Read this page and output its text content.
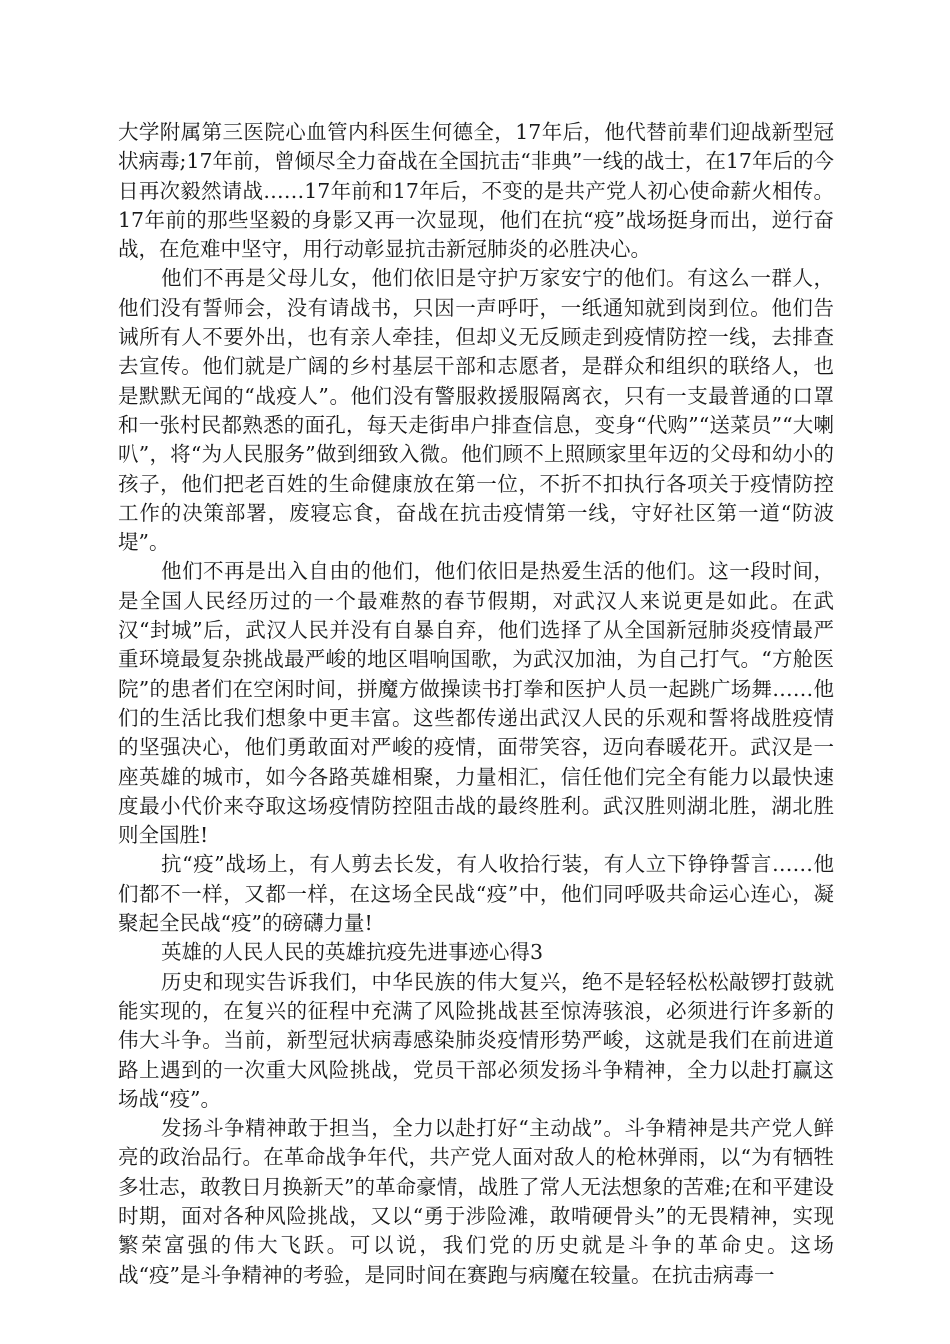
大学附属第三医院心血管内科医生何德全，17年后，他代替前辈们迎战新型冠状病毒;17年前，曾倾尽全力奋战在全国抗击“非典”一线的战士，在17年后的今日再次毅然请战……17年前和17年后，不变的是共产党人初心使命薪火相传。17年前的那些坚毅的身影又再一次显现，他们在抗“疫”战场挺身而出，逆行奋战，在危难中坚守，用行动彰显抗击新冠肺炎的必胜决心。

他们不再是父母儿女，他们依旧是守护万家安宁的他们。有这么一群人，他们没有誓师会，没有请战书，只因一声呼吁，一纸通知就到岗到位。他们告诫所有人不要外出，也有亲人牵挂，但却义无反顾走到疫情防控一线，去排查去宣传。他们就是广阔的乡村基层干部和志愿者，是群众和组织的联络人，也是默默无闻的“战疫人”。他们没有警服救援服隔离衣，只有一支最普通的口罩和一张村民都熟悉的面孔，每天走街串户排查信息，变身“代购”“送菜员”“大喇叭”，将“为人民服务”做到细致入微。他们顾不上照顾家里年迈的父母和幼小的孩子，他们把老百姓的生命健康放在第一位，不折不扣执行各项关于疫情防控工作的决策部署，废寝忘食，奋战在抗击疫情第一线，守好社区第一道“防波堤”。

他们不再是出入自由的他们，他们依旧是热爱生活的他们。这一段时间，是全国人民经历过的一个最难熬的春节假期，对武汉人来说更是如此。在武汉“封城”后，武汉人民并没有自暴自弃，他们选择了从全国新冠肺炎疫情最严重环境最复杂挑战最严峻的地区唱响国歌，为武汉加油，为自己打气。“方舱医院”的患者们在空闲时间，拼魔方做操读书打拳和医护人员一起跳广场舞……他们的生活比我们想象中更丰富。这些都传递出武汉人民的乐观和誓将战胜疫情的坚强决心，他们勇敢面对严峻的疫情，面带笑容，迈向春暖花开。武汉是一座英雄的城市，如今各路英雄相聚，力量相汇，信任他们完全有能力以最快速度最小代价来夺取这场疫情防控阻击战的最终胜利。武汉胜则湖北胜，湖北胜则全国胜!

抗“疫”战场上，有人剪去长发，有人收拾行装，有人立下铮铮誓言……他们都不一样，又都一样，在这场全民战“疫”中，他们同呼吸共命运心连心，凝聚起全民战“疫”的磅礴力量!

英雄的人民人民的英雄抗疫先进事迹心得3

历史和现实告诉我们，中华民族的伟大复兴，绝不是轻轻松松敲锣打鼓就能实现的，在复兴的征程中充满了风险挑战甚至惊涛骇浪，必须进行许多新的伟大斗争。当前，新型冠状病毒感染肺炎疫情形势严峻，这就是我们在前进道路上遇到的一次重大风险挑战，党员干部必须发扬斗争精神，全力以赴打赢这场战“疫”。

发扬斗争精神敢于担当，全力以赴打好“主动战”。斗争精神是共产党人鲜亮的政治品行。在革命战争年代，共产党人面对敌人的枪林弹雨，以“为有牺牲多壮志，敢教日月换新天”的革命豪情，战胜了常人无法想象的苦难;在和平建设时期，面对各种风险挑战，又以“勇于涉险滩，敢啃硬骨头”的无畏精神，实现繁荣富强的伟大飞跃。可以说，我们党的历史就是斗争的革命史。这场战“疫”是斗争精神的考验，是同时间在赛跑与病魔在较量。在抗击病毒一
